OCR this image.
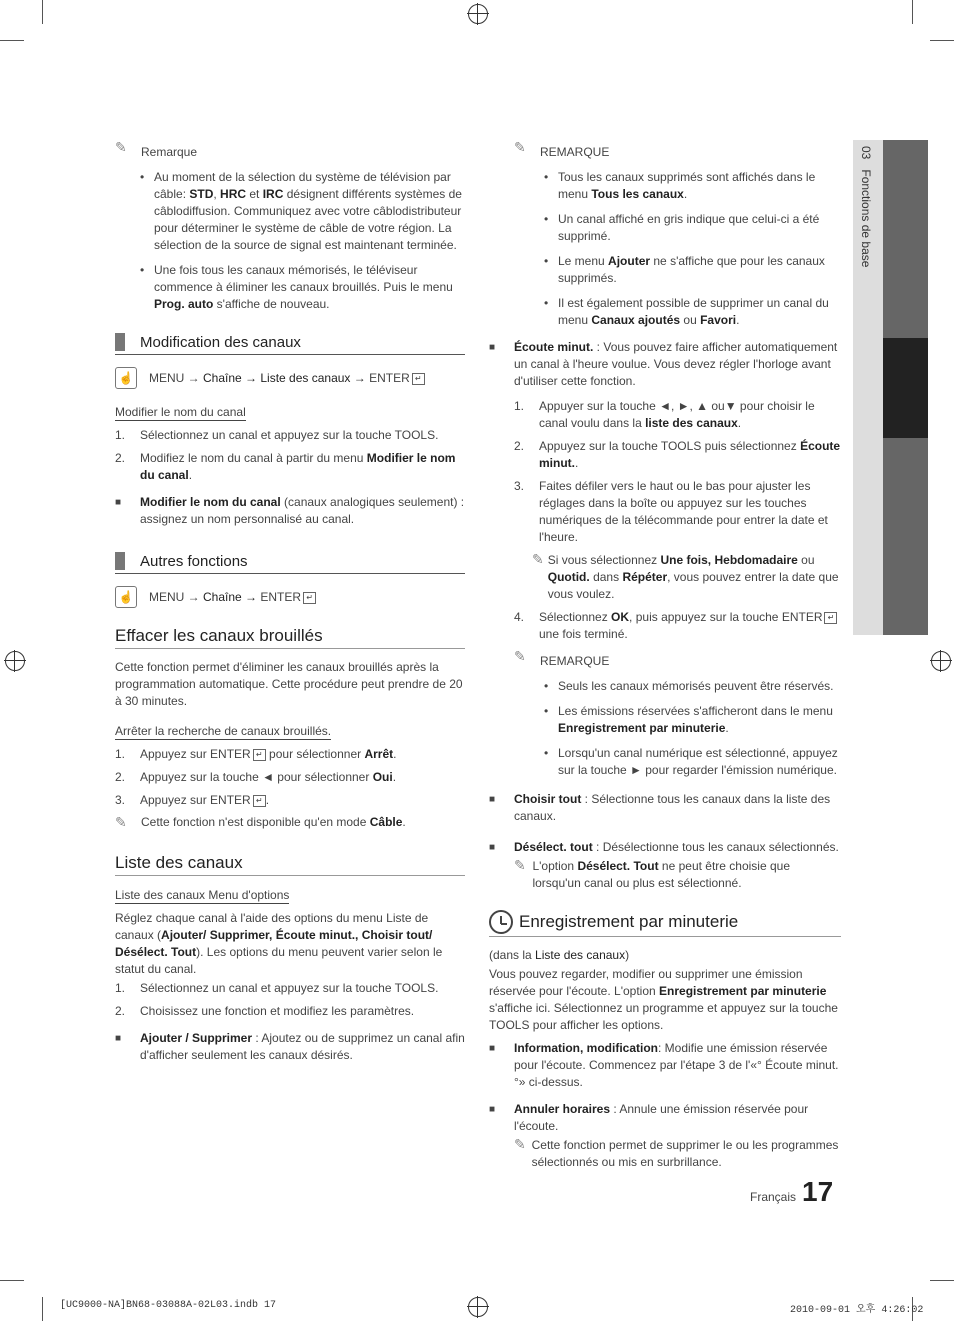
03   Fonctions de base
✎	Remarque

• Au moment de la sélection du système de télévision par câble: STD, HRC et IRC désignent différents systèmes de câblodiffusion. Communiquez avec votre câblodistributeur pour déterminer le système de câble de votre région. La sélection de la source de signal est maintenant terminée.

• Une fois tous les canaux mémorisés, le téléviseur commence à éliminer les canaux brouillés. Puis le menu Prog. auto s'affiche de nouveau.

Modification des canaux
☝ MENU → Chaîne → Liste des canaux → ENTER ↵
Modifier le nom du canal

1. Sélectionnez un canal et appuyez sur la touche TOOLS.

2. Modifiez le nom du canal à partir du menu Modifier le nom du canal.

■ Modifier le nom du canal (canaux analogiques seulement) : assignez un nom personnalisé au canal.

Autres fonctions
☝ MENU → Chaîne → ENTER ↵
Effacer les canaux brouillés

Cette fonction permet d'éliminer les canaux brouillés après la programmation automatique. Cette procédure peut prendre de 20 à 30 minutes.

Arrêter la recherche de canaux brouillés.

1. Appuyez sur ENTER ↵ pour sélectionner Arrêt.

2. Appuyez sur la touche ◄ pour sélectionner Oui.

3. Appuyez sur ENTER ↵ .

✎	Cette fonction n'est disponible qu'en mode Câble.
Liste des canaux
Liste des canaux Menu d'options

Réglez chaque canal à l'aide des options du menu Liste de canaux (Ajouter/ Supprimer, Écoute minut., Choisir tout/ Désélect. Tout). Les options du menu peuvent varier selon le statut du canal.

1. Sélectionnez un canal et appuyez sur la touche TOOLS.

2. Choisissez une fonction et modifiez les paramètres.

■ Ajouter / Supprimer : Ajoutez ou de supprimez un canal afin d'afficher seulement les canaux désirés.

✎	REMARQUE

• Tous les canaux supprimés sont affichés dans le menu Tous les canaux.

• Un canal affiché en gris indique que celui-ci a été supprimé.

• Le menu Ajouter ne s'affiche que pour les canaux supprimés.

• Il est également possible de supprimer un canal du menu Canaux ajoutés ou Favori.

■ Écoute minut. : Vous pouvez faire afficher automatiquement un canal à l'heure voulue. Vous devez régler l'horloge avant d'utiliser cette fonction.

1. Appuyer sur la touche ◄, ►, ▲ ou▼ pour choisir le canal voulu dans la liste des canaux.

2. Appuyez sur la touche TOOLS puis sélectionnez Écoute minut..

3. Faites défiler vers le haut ou le bas pour ajuster les réglages dans la boîte ou appuyez sur les touches numériques de la télécommande pour entrer la date et l'heure.

✎ Si vous sélectionnez Une fois, Hebdomadaire ou Quotid. dans Répéter, vous pouvez entrer la date que vous voulez.

4. Sélectionnez OK, puis appuyez sur la touche ENTER ↵ une fois terminé.

✎	REMARQUE

• Seuls les canaux mémorisés peuvent être réservés.

• Les émissions réservées s'afficheront dans le menu Enregistrement par minuterie.

• Lorsqu'un canal numérique est sélectionné, appuyez sur la touche ► pour regarder l'émission numérique.

■ Choisir tout : Sélectionne tous les canaux dans la liste des canaux.

■ Désélect. tout : Désélectionne tous les canaux sélectionnés.

✎ L'option Désélect. Tout ne peut être choisie que lorsqu'un canal ou plus est sélectionné.
Enregistrement par minuterie

(dans la Liste des canaux)

Vous pouvez regarder, modifier ou supprimer une émission réservée pour l'écoute. L'option Enregistrement par minuterie s'affiche ici. Sélectionnez un programme et appuyez sur la touche TOOLS pour afficher les options.

■ Information, modification: Modifie une émission réservée pour l'écoute. Commencez par l'étape 3 de l'«° Écoute minut.°» ci-dessus.

■ Annuler horaires : Annule une émission réservée pour l'écoute.

✎ Cette fonction permet de supprimer le ou les programmes sélectionnés ou mis en surbrillance.
Français 17
[UC9000-NA]BN68-03088A-02L03.indb 17	2010-09-01 오후 4:26:02
